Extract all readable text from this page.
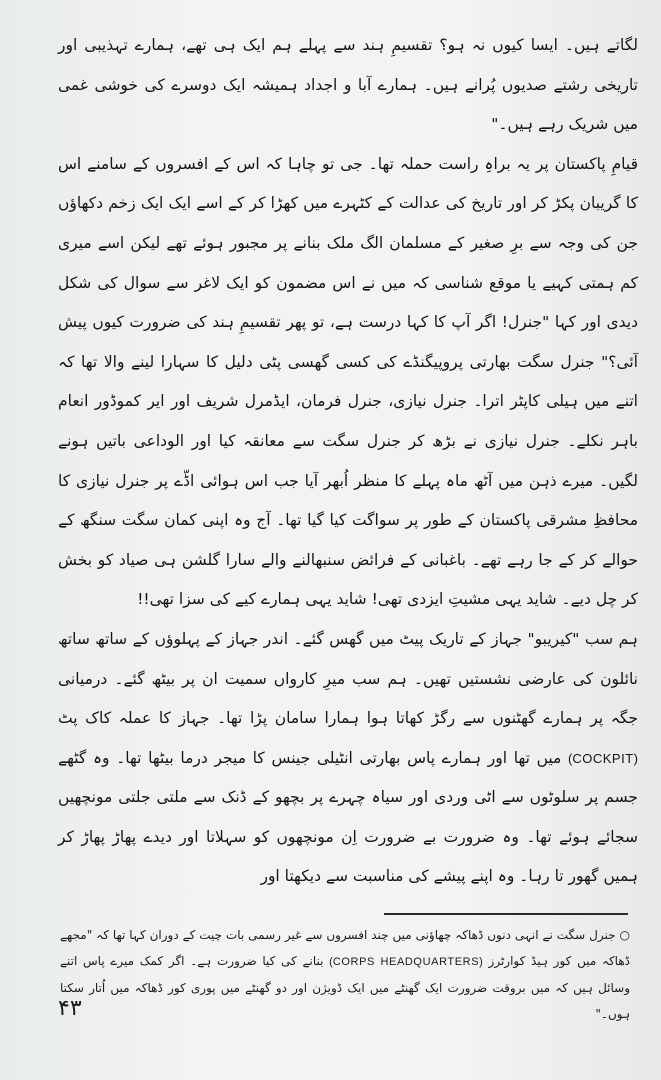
لگاتے ہیں۔ ایسا کیوں نہ ہو؟ تقسیمِ ہند سے پہلے ہم ایک ہی تھے، ہمارے تہذیبی اور تاریخی رشتے صدیوں پُرانے ہیں۔ ہمارے آبا و اجداد ہمیشہ ایک دوسرے کی خوشی غمی میں شریک رہے ہیں۔"

قیامِ پاکستان پر یہ براہِ راست حملہ تھا۔ جی تو چاہا کہ اس کے افسروں کے سامنے اس کا گریبان پکڑ کر اور تاریخ کی عدالت کے کٹہرے میں کھڑا کر کے اسے ایک ایک زخم دکھاؤں جن کی وجہ سے برِ صغیر کے مسلمان الگ ملک بنانے پر مجبور ہوئے تھے لیکن اسے میری کم ہمتی کہیے یا موقع شناسی کہ میں نے اس مضمون کو ایک لاغر سے سوال کی شکل دیدی اور کہا "جنرل! اگر آپ کا کہا درست ہے، تو پھر تقسیمِ ہند کی ضرورت کیوں پیش آئی؟" جنرل سگت بھارتی پروپیگنڈے کی کسی گھسی پٹی دلیل کا سہارا لینے والا تھا کہ اتنے میں ہیلی کاپٹر اترا۔ جنرل نیازی، جنرل فرمان، ایڈمرل شریف اور ایر کموڈور انعام باہر نکلے۔ جنرل نیازی نے بڑھ کر جنرل سگت سے معانقہ کیا اور الوداعی باتیں ہونے لگیں۔ میرے ذہن میں آٹھ ماہ پہلے کا منظر اُبھر آیا جب اس ہوائی اڈّے پر جنرل نیازی کا محافظِ مشرقی پاکستان کے طور پر سواگت کیا گیا تھا۔ آج وہ اپنی کمان سگت سنگھ کے حوالے کر کے جا رہے تھے۔ باغبانی کے فرائض سنبھالنے والے سارا گلشن ہی صیاد کو بخش کر چل دیے۔ شاید یہی مشیتِ ایزدی تھی! شاید یہی ہمارے کیے کی سزا تھی!!

ہم سب "کیریبو" جہاز کے تاریک پیٹ میں گھس گئے۔ اندر جہاز کے پہلوؤں کے ساتھ ساتھ نائلون کی عارضی نشستیں تھیں۔ ہم سب میرِ کارواں سمیت ان پر بیٹھ گئے۔ درمیانی جگہ پر ہمارے گھٹنوں سے رگڑ کھاتا ہوا ہمارا سامان پڑا تھا۔ جہاز کا عملہ کاک پٹ (COCKPIT) میں تھا اور ہمارے پاس بھارتی انٹیلی جینس کا میجر درما بیٹھا تھا۔ وہ گٹھے جسم پر سلوٹوں سے اٹی وردی اور سیاہ چہرے پر بچھو کے ڈنک سے ملتی جلتی مونچھیں سجائے ہوئے تھا۔ وہ ضرورت بے ضرورت اِن مونچھوں کو سہلاتا اور دیدے پھاڑ پھاڑ کر ہمیں گھور تا رہا۔ وہ اپنے پیشے کی مناسبت سے دیکھتا اور

○جنرل سگت نے انہی دنوں ڈھاکہ چھاؤنی میں چند افسروں سے غیر رسمی بات چیت کے دوران کہا تھا کہ "مجھے ڈھاکہ میں کور ہیڈ کوارٹرز (CORPS HEADQUARTERS) بنانے کی کیا ضرورت ہے۔ اگر کمک میرے پاس اتنے وسائل ہیں کہ میں بروقت ضرورت ایک گھنٹے میں ایک ڈویژن اور دو گھنٹے میں پوری کور ڈھاکہ میں اُتار سکتا ہوں۔"
۴۳
